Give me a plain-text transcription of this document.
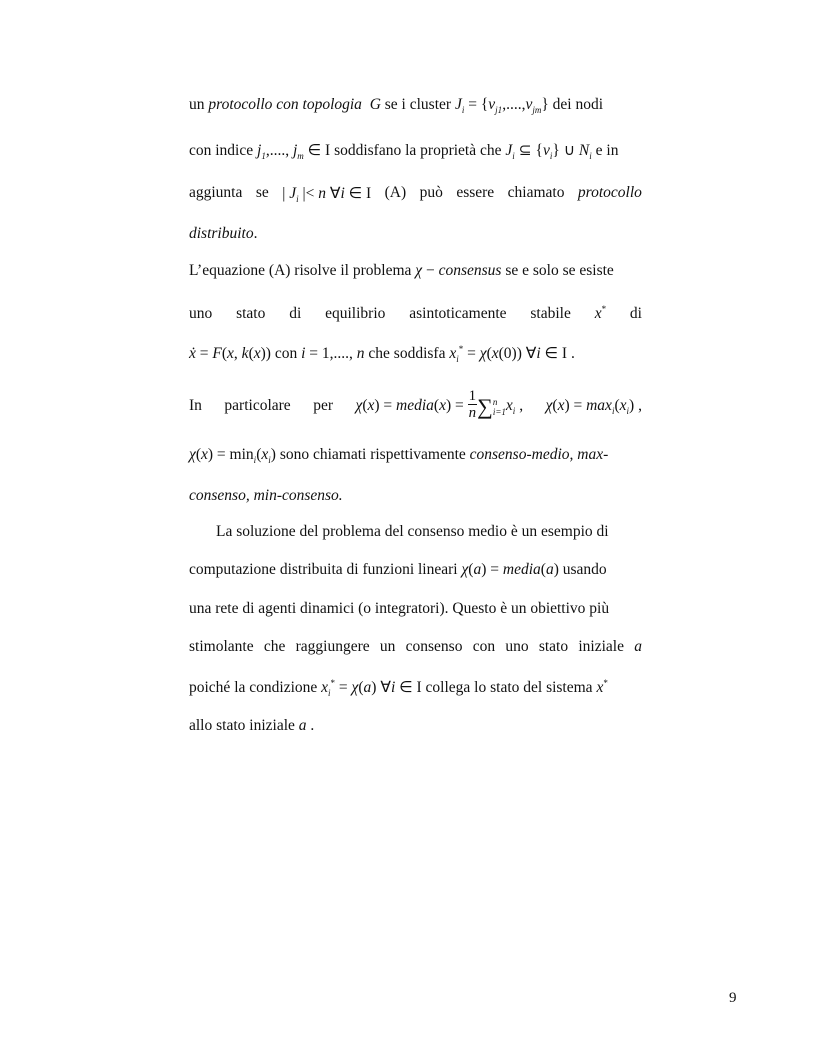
un protocollo con topologia  G se i cluster $J_i = \{v_{j1},....,v_{jm}\}$ dei nodi
con indice $j_1$,...., $j_m$ ∈ I soddisfano la proprietà che $J_i$ ⊆ $\{v_i\}$ ∪ $N_i$ e in
aggiunta se | $J_i$ |< n ∀i ∈ I (A) può essere chiamato protocollo
distribuito.
L’equazione (A) risolve il problema χ − consensus se e solo se esiste
uno stato di equilibrio asintoticamente stabile x* di
ẋ = F(x, k(x)) con i = 1,...., n che soddisfa $x_i^* = \chi(x(0))$ ∀i ∈ I .
In particolare per χ(x) = media(x) = $\frac{1}{n}$ ∑ n
i=1 $x_i$ , $\chi(x) = \max_i(x_i)$ ,
$\chi(x) = \min_i(x_i)$ sono chiamati rispettivamente consenso-medio, max-
consenso, min-consenso.
La soluzione del problema del consenso medio è un esempio di
computazione distribuita di funzioni lineari χ(a) = media(a) usando
una rete di agenti dinamici (o integratori). Questo è un obiettivo più
stimolante che raggiungere un consenso con uno stato iniziale a
poiché la condizione $x_i^* = \chi(a)$ ∀i ∈ I collega lo stato del sistema x*
allo stato iniziale a .
9
